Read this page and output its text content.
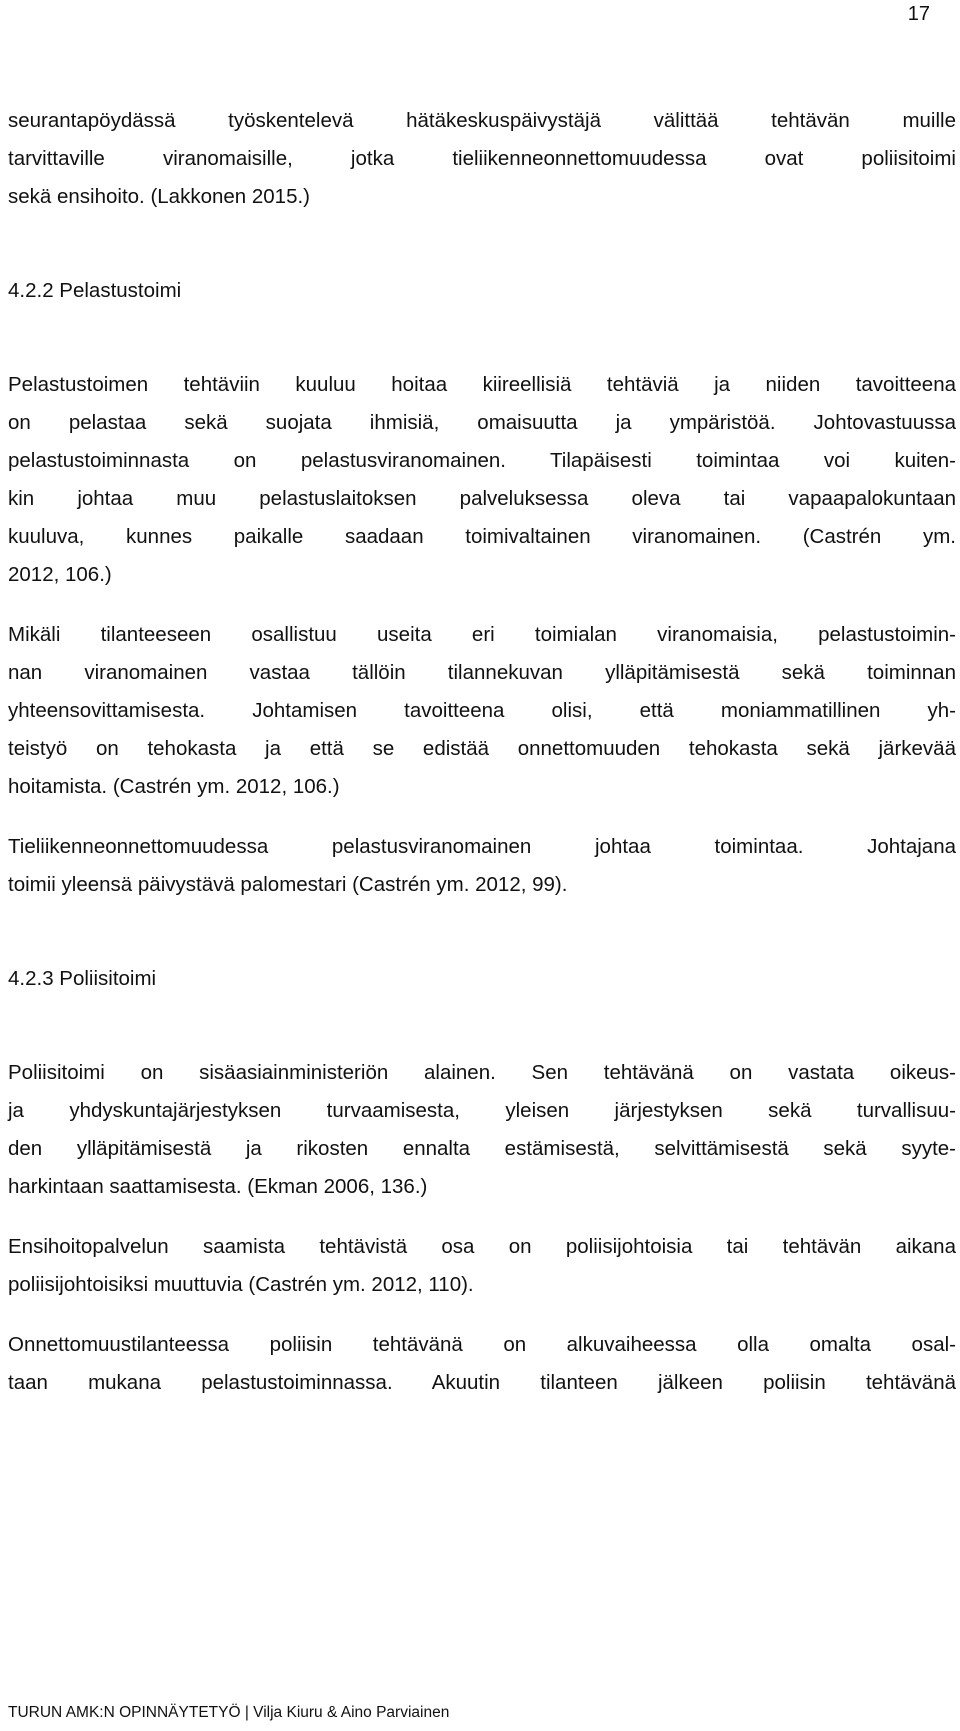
17
seurantapöydässä työskentelevä hätäkeskuspäivystäjä välittää tehtävän muille
tarvittaville viranomaisille, jotka tieliikenneonnettomuudessa ovat poliisitoimi
sekä ensihoito. (Lakkonen 2015.)
4.2.2 Pelastustoimi
Pelastustoimen tehtäviin kuuluu hoitaa kiireellisiä tehtäviä ja niiden tavoitteena
on pelastaa sekä suojata ihmisiä, omaisuutta ja ympäristöä. Johtovastuussa
pelastustoiminnasta on pelastusviranomainen. Tilapäisesti toimintaa voi kuiten-
kin johtaa muu pelastuslaitoksen palveluksessa oleva tai vapaapalokuntaan
kuuluva, kunnes paikalle saadaan toimivaltainen viranomainen. (Castrén ym.
2012, 106.)
Mikäli tilanteeseen osallistuu useita eri toimialan viranomaisia, pelastustoimin-
nan viranomainen vastaa tällöin tilannekuvan ylläpitämisestä sekä toiminnan
yhteensovittamisesta. Johtamisen tavoitteena olisi, että moniammatillinen yh-
teistyö on tehokasta ja että se edistää onnettomuuden tehokasta sekä järkevää
hoitamista. (Castrén ym. 2012, 106.)
Tieliikenneonnettomuudessa pelastusviranomainen johtaa toimintaa. Johtajana
toimii yleensä päivystävä palomestari (Castrén ym. 2012, 99).
4.2.3 Poliisitoimi
Poliisitoimi on sisäasiainministeriön alainen. Sen tehtävänä on vastata oikeus-
ja yhdyskuntajärjestyksen turvaamisesta, yleisen järjestyksen sekä turvallisuu-
den ylläpitämisestä ja rikosten ennalta estämisestä, selvittämisestä sekä syyte-
harkintaan saattamisesta. (Ekman 2006, 136.)
Ensihoitopalvelun saamista tehtävistä osa on poliisijohtoisia tai tehtävän aikana
poliisijohtoisiksi muuttuvia (Castrén ym. 2012, 110).
Onnettomuustilanteessa poliisin tehtävänä on alkuvaiheessa olla omalta osal-
taan mukana pelastustoiminnassa. Akuutin tilanteen jälkeen poliisin tehtävänä
TURUN AMK:N OPINNÄYTETYÖ | Vilja Kiuru & Aino Parviainen
